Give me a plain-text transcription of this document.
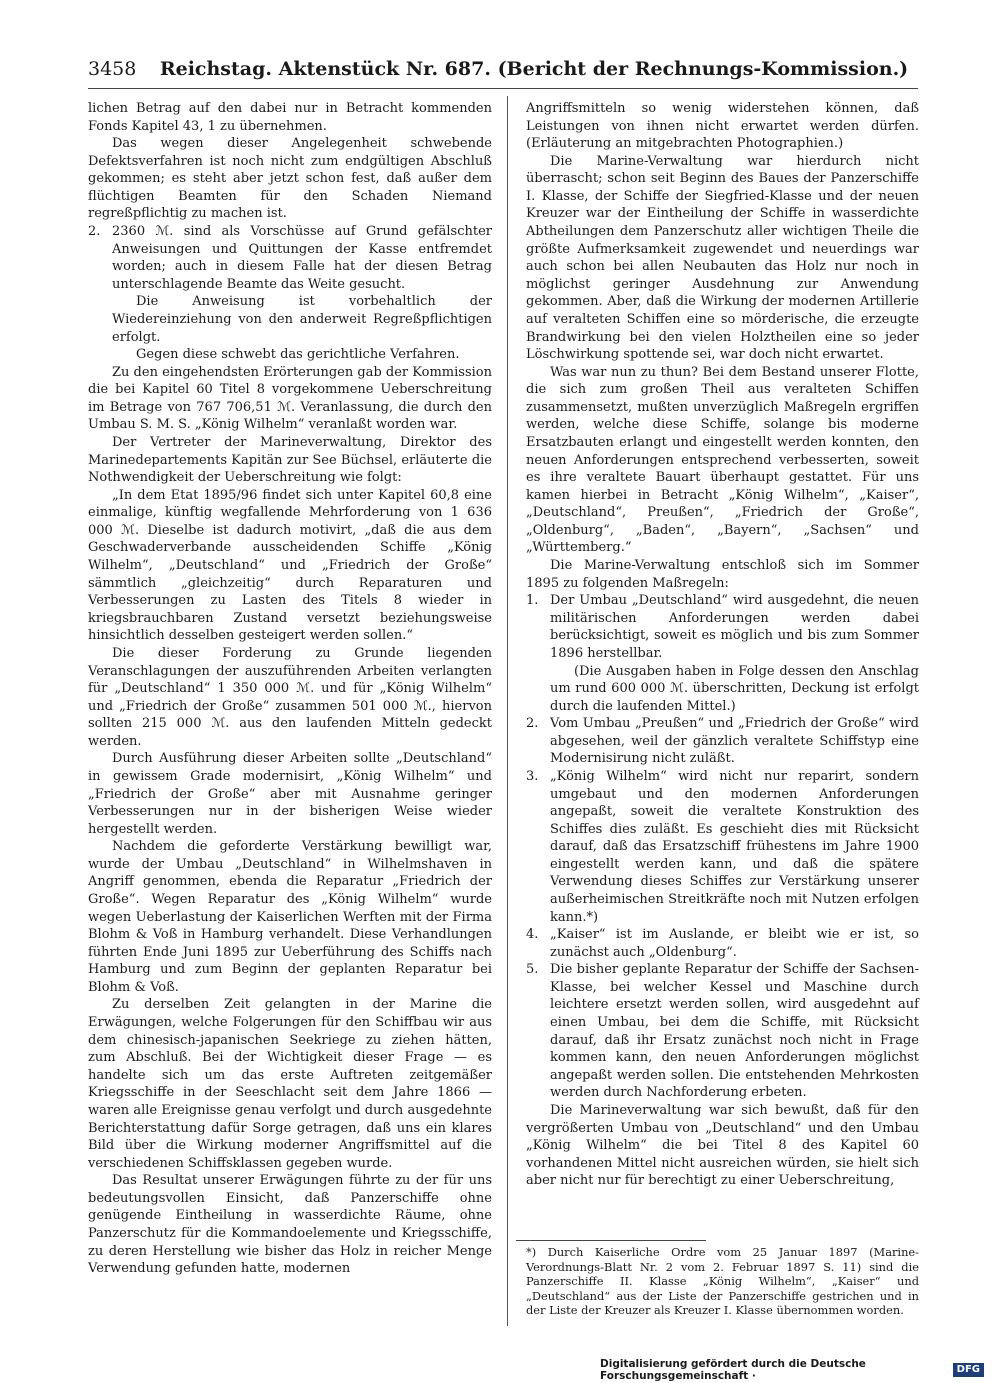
3458	Reichstag. Aktenstück Nr. 687. (Bericht der Rechnungs-Kommission.)

lichen Betrag auf den dabei nur in Betracht kommenden Fonds Kapitel 43, 1 zu übernehmen.

Das wegen dieser Angelegenheit schwebende Defektsverfahren ist noch nicht zum endgültigen Abschluß gekommen; es steht aber jetzt schon fest, daß außer dem flüchtigen Beamten für den Schaden Niemand regreßpflichtig zu machen ist.

2. 2360 ℳ. sind als Vorschüsse auf Grund gefälschter Anweisungen und Quittungen der Kasse entfremdet worden; auch in diesem Falle hat der diesen Betrag unterschlagende Beamte das Weite gesucht.

Die Anweisung ist vorbehaltlich der Wiedereinziehung von den anderweit Regreßpflichtigen erfolgt.

Gegen diese schwebt das gerichtliche Verfahren.

Zu den eingehendsten Erörterungen gab der Kommission die bei Kapitel 60 Titel 8 vorgekommene Ueberschreitung im Betrage von 767 706,51 ℳ. Veranlassung, die durch den Umbau S. M. S. „König Wilhelm“ veranlaßt worden war.

Der Vertreter der Marineverwaltung, Direktor des Marinedepartements Kapitän zur See Büchsel, erläuterte die Nothwendigkeit der Ueberschreitung wie folgt:

„In dem Etat 1895/96 findet sich unter Kapitel 60,8 eine einmalige, künftig wegfallende Mehrforderung von 1 636 000 ℳ. Dieselbe ist dadurch motivirt, „daß die aus dem Geschwaderverbande ausscheidenden Schiffe „König Wilhelm“, „Deutschland“ und „Friedrich der Große“ sämmtlich „gleichzeitig“ durch Reparaturen und Verbesserungen zu Lasten des Titels 8 wieder in kriegsbrauchbaren Zustand versetzt beziehungsweise hinsichtlich desselben gesteigert werden sollen.“

Die dieser Forderung zu Grunde liegenden Veranschlagungen der auszuführenden Arbeiten verlangten für „Deutschland“ 1 350 000 ℳ. und für „König Wilhelm“ und „Friedrich der Große“ zusammen 501 000 ℳ., hiervon sollten 215 000 ℳ. aus den laufenden Mitteln gedeckt werden.

Durch Ausführung dieser Arbeiten sollte „Deutschland“ in gewissem Grade modernisirt, „König Wilhelm“ und „Friedrich der Große“ aber mit Ausnahme geringer Verbesserungen nur in der bisherigen Weise wieder hergestellt werden.

Nachdem die geforderte Verstärkung bewilligt war, wurde der Umbau „Deutschland“ in Wilhelmshaven in Angriff genommen, ebenda die Reparatur „Friedrich der Große“. Wegen Reparatur des „König Wilhelm“ wurde wegen Ueberlastung der Kaiserlichen Werften mit der Firma Blohm & Voß in Hamburg verhandelt. Diese Verhandlungen führten Ende Juni 1895 zur Ueberführung des Schiffs nach Hamburg und zum Beginn der geplanten Reparatur bei Blohm & Voß.

Zu derselben Zeit gelangten in der Marine die Erwägungen, welche Folgerungen für den Schiffbau wir aus dem chinesisch-japanischen Seekriege zu ziehen hätten, zum Abschluß. Bei der Wichtigkeit dieser Frage — es handelte sich um das erste Auftreten zeitgemäßer Kriegsschiffe in der Seeschlacht seit dem Jahre 1866 — waren alle Ereignisse genau verfolgt und durch ausgedehnte Berichterstattung dafür Sorge getragen, daß uns ein klares Bild über die Wirkung moderner Angriffsmittel auf die verschiedenen Schiffsklassen gegeben wurde.

Das Resultat unserer Erwägungen führte zu der für uns bedeutungsvollen Einsicht, daß Panzerschiffe ohne genügende Eintheilung in wasserdichte Räume, ohne Panzerschutz für die Kommandoelemente und Kriegsschiffe, zu deren Herstellung wie bisher das Holz in reicher Menge Verwendung gefunden hatte, modernen

Angriffsmitteln so wenig widerstehen können, daß Leistungen von ihnen nicht erwartet werden dürfen. (Erläuterung an mitgebrachten Photographien.)

Die Marine-Verwaltung war hierdurch nicht überrascht; schon seit Beginn des Baues der Panzerschiffe I. Klasse, der Schiffe der Siegfried-Klasse und der neuen Kreuzer war der Eintheilung der Schiffe in wasserdichte Abtheilungen dem Panzerschutz aller wichtigen Theile die größte Aufmerksamkeit zugewendet und neuerdings war auch schon bei allen Neubauten das Holz nur noch in möglichst geringer Ausdehnung zur Anwendung gekommen. Aber, daß die Wirkung der modernen Artillerie auf veralteten Schiffen eine so mörderische, die erzeugte Brandwirkung bei den vielen Holztheilen eine so jeder Löschwirkung spottende sei, war doch nicht erwartet.

Was war nun zu thun? Bei dem Bestand unserer Flotte, die sich zum großen Theil aus veralteten Schiffen zusammensetzt, mußten unverzüglich Maßregeln ergriffen werden, welche diese Schiffe, solange bis moderne Ersatzbauten erlangt und eingestellt werden konnten, den neuen Anforderungen entsprechend verbesserten, soweit es ihre veraltete Bauart überhaupt gestattet. Für uns kamen hierbei in Betracht „König Wilhelm“, „Kaiser“, „Deutschland“, Preußen“, „Friedrich der Große“, „Oldenburg“, „Baden“, „Bayern“, „Sachsen“ und „Württemberg.“

Die Marine-Verwaltung entschloß sich im Sommer 1895 zu folgenden Maßregeln:

1. Der Umbau „Deutschland“ wird ausgedehnt, die neuen militärischen Anforderungen werden dabei berücksichtigt, soweit es möglich und bis zum Sommer 1896 herstellbar.

(Die Ausgaben haben in Folge dessen den Anschlag um rund 600 000 ℳ. überschritten, Deckung ist erfolgt durch die laufenden Mittel.)

2. Vom Umbau „Preußen“ und „Friedrich der Große“ wird abgesehen, weil der gänzlich veraltete Schiffstyp eine Modernisirung nicht zuläßt.
3. „König Wilhelm“ wird nicht nur reparirt, sondern umgebaut und den modernen Anforderungen angepaßt, soweit die veraltete Konstruktion des Schiffes dies zuläßt. Es geschieht dies mit Rücksicht darauf, daß das Ersatzschiff frühestens im Jahre 1900 eingestellt werden kann, und daß die spätere Verwendung dieses Schiffes zur Verstärkung unserer außerheimischen Streitkräfte noch mit Nutzen erfolgen kann.*)
4. „Kaiser“ ist im Auslande, er bleibt wie er ist, so zunächst auch „Oldenburg“.
5. Die bisher geplante Reparatur der Schiffe der Sachsen-Klasse, bei welcher Kessel und Maschine durch leichtere ersetzt werden sollen, wird ausgedehnt auf einen Umbau, bei dem die Schiffe, mit Rücksicht darauf, daß ihr Ersatz zunächst noch nicht in Frage kommen kann, den neuen Anforderungen möglichst angepaßt werden sollen. Die entstehenden Mehrkosten werden durch Nachforderung erbeten.

Die Marineverwaltung war sich bewußt, daß für den vergrößerten Umbau von „Deutschland“ und den Umbau „König Wilhelm“ die bei Titel 8 des Kapitel 60 vorhandenen Mittel nicht ausreichen würden, sie hielt sich aber nicht nur für berechtigt zu einer Ueberschreitung,

*) Durch Kaiserliche Ordre vom 25 Januar 1897 (Marine-Verordnungs-Blatt Nr. 2 vom 2. Februar 1897 S. 11) sind die Panzerschiffe II. Klasse „König Wilhelm“, „Kaiser“ und „Deutschland“ aus der Liste der Panzerschiffe gestrichen und in der Liste der Kreuzer als Kreuzer I. Klasse übernommen worden.
Digitalisierung gefördert durch die Deutsche Forschungsgemeinschaft ·
DFG
